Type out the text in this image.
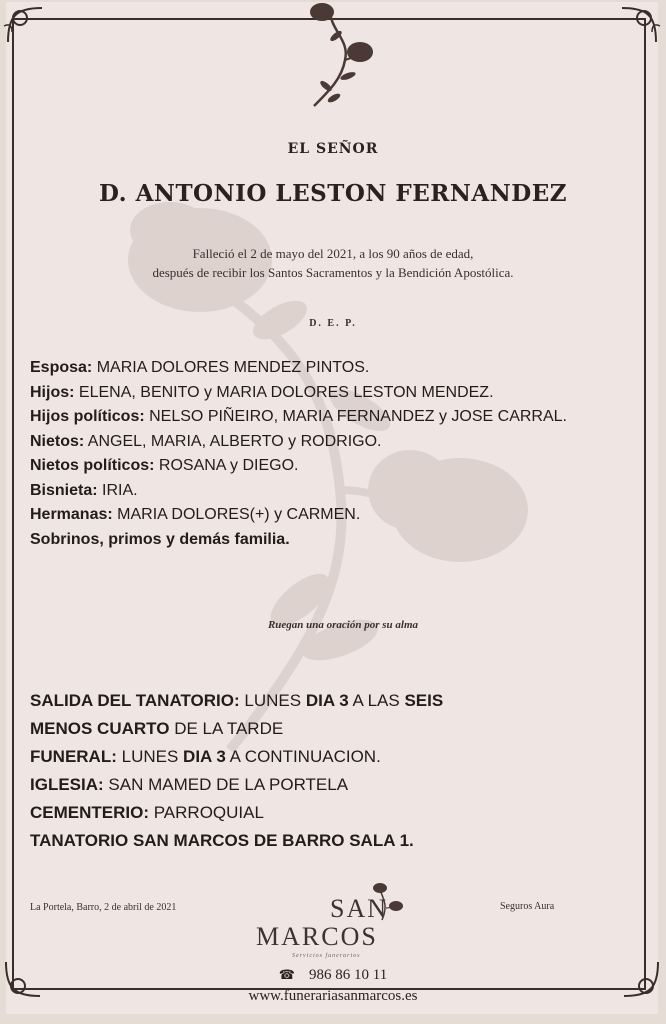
EL SEÑOR
D. ANTONIO LESTON FERNANDEZ
Falleció el 2 de mayo del 2021, a los 90 años de edad,
después de recibir los Santos Sacramentos y la Bendición Apostólica.
D. E. P.
Esposa: MARIA DOLORES MENDEZ PINTOS.
Hijos: ELENA, BENITO y MARIA DOLORES LESTON MENDEZ.
Hijos políticos: NELSO PIÑEIRO, MARIA FERNANDEZ y JOSE CARRAL.
Nietos: ANGEL, MARIA, ALBERTO y RODRIGO.
Nietos políticos: ROSANA y DIEGO.
Bisnieta: IRIA.
Hermanas: MARIA DOLORES(+) y CARMEN.
Sobrinos, primos y demás familia.
Ruegan una oración por su alma
SALIDA DEL TANATORIO: LUNES DIA 3 A LAS SEIS
MENOS CUARTO DE LA TARDE
FUNERAL: LUNES DIA 3 A CONTINUACION.
IGLESIA: SAN MAMED DE LA PORTELA
CEMENTERIO: PARROQUIAL
TANATORIO SAN MARCOS DE BARRO SALA 1.
La Portela, Barro, 2 de abril de 2021	Seguros Aura
SAN
MARCOS
Servicios funerarios
☎ 986 86 10 11
www.funerariasanmarcos.es
